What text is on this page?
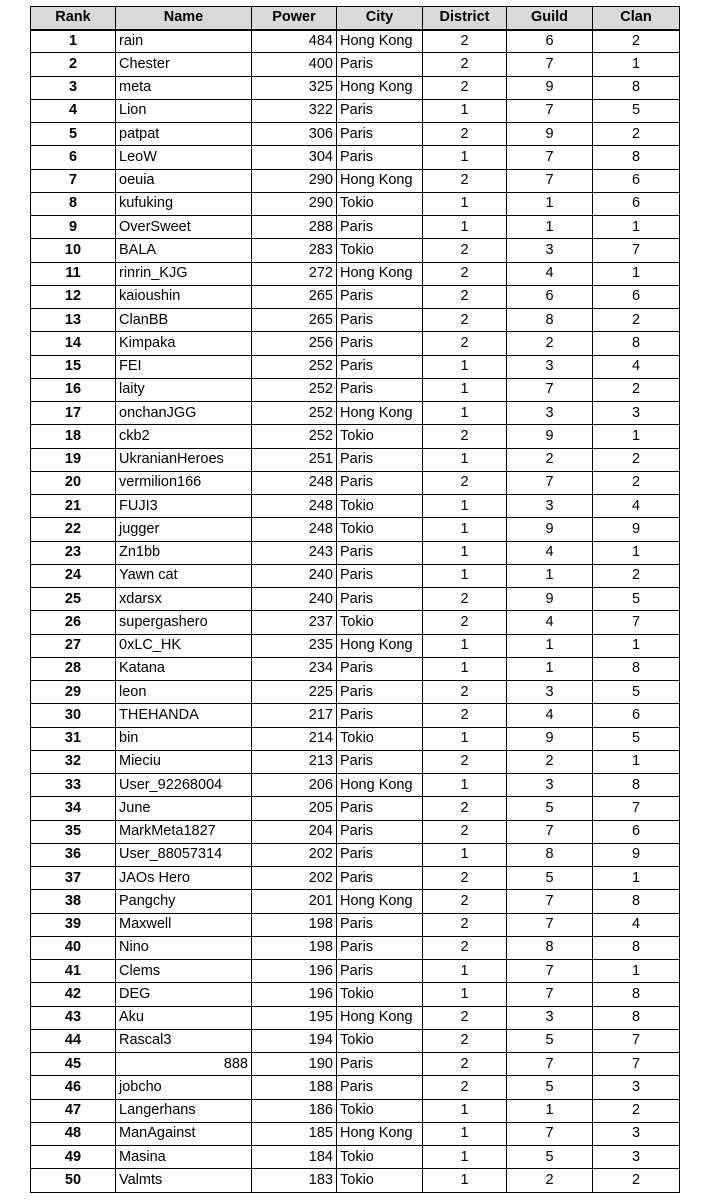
Rank	Name	Power	City	District	Guild	Clan
1	rain	484	Hong Kong	2	6	2
2	Chester	400	Paris	2	7	1
3	meta	325	Hong Kong	2	9	8
4	Lion	322	Paris	1	7	5
5	patpat	306	Paris	2	9	2
6	LeoW	304	Paris	1	7	8
7	oeuia	290	Hong Kong	2	7	6
8	kufuking	290	Tokio	1	1	6
9	OverSweet	288	Paris	1	1	1
10	BALA	283	Tokio	2	3	7
11	rinrin_KJG	272	Hong Kong	2	4	1
12	kaioushin	265	Paris	2	6	6
13	ClanBB	265	Paris	2	8	2
14	Kimpaka	256	Paris	2	2	8
15	FEI	252	Paris	1	3	4
16	laity	252	Paris	1	7	2
17	onchanJGG	252	Hong Kong	1	3	3
18	ckb2	252	Tokio	2	9	1
19	UkranianHeroes	251	Paris	1	2	2
20	vermilion166	248	Paris	2	7	2
21	FUJI3	248	Tokio	1	3	4
22	jugger	248	Tokio	1	9	9
23	Zn1bb	243	Paris	1	4	1
24	Yawn cat	240	Paris	1	1	2
25	xdarsx	240	Paris	2	9	5
26	supergashero	237	Tokio	2	4	7
27	0xLC_HK	235	Hong Kong	1	1	1
28	Katana	234	Paris	1	1	8
29	leon	225	Paris	2	3	5
30	THEHANDA	217	Paris	2	4	6
31	bin	214	Tokio	1	9	5
32	Mieciu	213	Paris	2	2	1
33	User_92268004	206	Hong Kong	1	3	8
34	June	205	Paris	2	5	7
35	MarkMeta1827	204	Paris	2	7	6
36	User_88057314	202	Paris	1	8	9
37	JAOs Hero	202	Paris	2	5	1
38	Pangchy	201	Hong Kong	2	7	8
39	Maxwell	198	Paris	2	7	4
40	Nino	198	Paris	2	8	8
41	Clems	196	Paris	1	7	1
42	DEG	196	Tokio	1	7	8
43	Aku	195	Hong Kong	2	3	8
44	Rascal3	194	Tokio	2	5	7
45	888	190	Paris	2	7	7
46	jobcho	188	Paris	2	5	3
47	Langerhans	186	Tokio	1	1	2
48	ManAgainst	185	Hong Kong	1	7	3
49	Masina	184	Tokio	1	5	3
50	Valmts	183	Tokio	1	2	2
